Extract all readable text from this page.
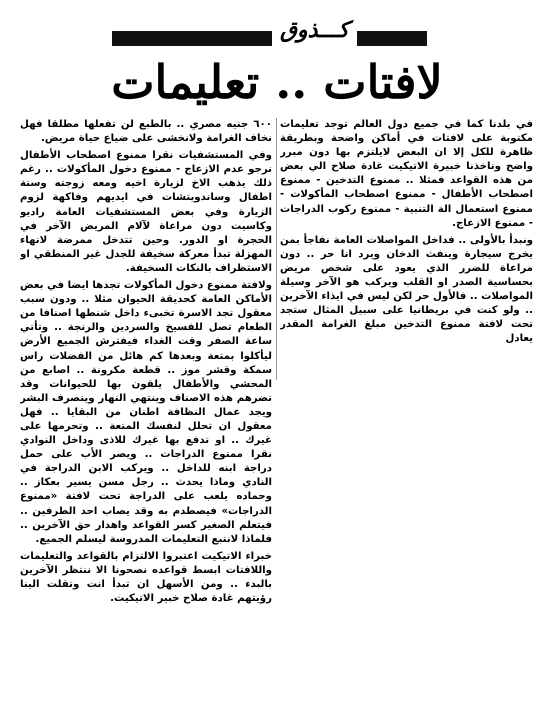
كـــذوق
لافتات .. تعليمات

في بلدنا كما في جميع دول العالم توجد تعليمات مكتوبة على لافتات في أماكن واضحة وبطريقة ظاهرة للكل إلا ان البعض لايلتزم بها دون مبرر واضح وناخذنا خبيرة الاتيكيت غادة صلاح الي بعض من هذه القواعد فمثلا .. ممنوع التدخين - ممنوع اصطحاب الأطفال - ممنوع اصطحاب المأكولات - ممنوع استعمال الة التنبية - ممنوع ركوب الدراجات - ممنوع الازعاج.

ونبدأ بالأولى .. فداخل المواصلات العامة نفاجأ بمن يخرج سيجارة وينفث الدخان ويرد انا حر .. دون مراعاة للضرر الذي يعود على شخص مريض بحساسية الصدر او القلب ويركب هو الآخر وسيلة المواصلات .. فالأول حر لكن ليس في ايذاء الآخرين .. ولو كنت في بريطانيا على سبيل المثال ستجد تحت لافتة ممنوع التدخين مبلغ الغرامة المقدر يعادل

٦٠٠ جنيه مصري .. بالطبع لن تفعلها مطلقا فهل نخاف الغرامة ولانخشى على ضياع حياة مريض.

وفي المستشفيات نقرا ممنوع اصطحاب الأطفال نرجو عدم الازعاج - ممنوع دخول المأكولات .. رغم ذلك يذهب الاخ لزيارة اخيه ومعه زوجته وستة اطفال وساندويتشات في ايديهم وفاكهة لزوم الزيارة وفي بعض المستشفيات العامة راديو وكاسيت دون مراعاة لآلام المريض الآخر في الحجرة او الدور. وحين تتدخل ممرضة لانهاء المهزلة تبدأ معركة سخيفة للجدل غير المنطقي او الاستظراف بالنكات السخيفة.

ولافتة ممنوع دخول المأكولات تجدها ايضا في بعض الأماكن العامة كحديقة الحيوان مثلا .. ودون سبب معقول تجد الاسرة تخبىء داخل شنطها اصنافا من الطعام تصل للفسيخ والسردين والرنجة .. وتأتي ساعة الصفر وقت الغداء فيفترش الجميع الأرض ليأكلوا بمتعة وبعدها كم هائل من الفضلات راس سمكة وقشر موز .. قطعة مكرونة .. اصابع من المحشي والأطفال يلقون بها للحيوانات وقد تضرهم هذه الاصناف وينتهي النهار وينصرف البشر ويجد عمال النظافة اطنان من البقايا .. فهل معقول ان تحلل لنفسك المتعة .. وتحرمها على غيرك .. او تدفع بها غيرك للاذى وداخل النوادي نقرا ممنوع الدراجات .. ويصر الأب على حمل دراجة ابنه للداخل .. ويركب الابن الدراجة في النادي وماذا يحدث .. رجل مسن يسير بعكاز .. وحماده يلعب على الدراجة تحت لافتة «ممنوع الدراجات» فيصطدم به وقد يصاب احد الطرفين .. فيتعلم الصغير كسر القواعد واهدار حق الآخرين .. فلماذا لانتبع التعليمات المدروسة ليسلم الجميع.

خبراء الاتيكيت اعتبروا الالتزام بالقواعد والتعليمات واللافتات ابسط قواعده نصحونا الا ننتظر الآخرين بالبدء .. ومن الأسهل ان تبدأ انت وتقلت الينا رؤيتهم غادة صلاح خبير الاتيكيت.
